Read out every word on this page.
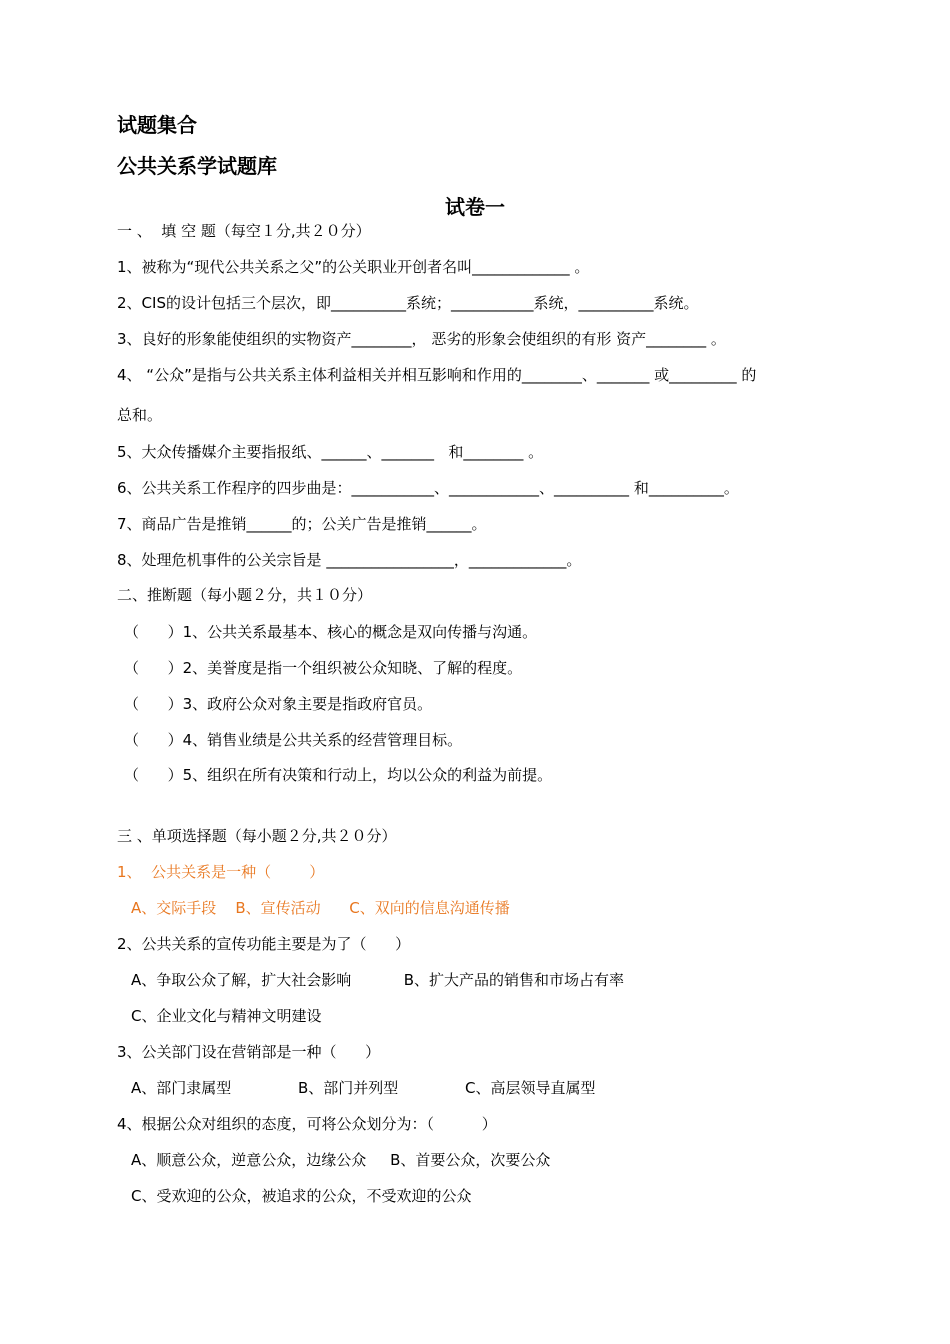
试题集合
公共关系学试题库
试卷一
一 、  填 空 题（每空１分,共２０分）
1、被称为“现代公共关系之父”的公关职业开创者名叫_____________ 。
2、CIS的设计包括三个层次，即__________系统；___________系统，__________系统。
3、良好的形象能使组织的实物资产________， 恶劣的形象会使组织的有形 资产________ 。
4、 “公众”是指与公共关系主体利益相关并相互影响和作用的________、_______ 或_________ 的
总和。
5、大众传播媒介主要指报纸、______、_______   和________ 。
6、公共关系工作程序的四步曲是：___________、____________、__________ 和__________。
7、商品广告是推销______的；公关广告是推销______。
8、处理危机事件的公关宗旨是 _________________，_____________。
二、推断题（每小题２分，共１０分）
（      ）1、公共关系最基本、核心的概念是双向传播与沟通。
（      ）2、美誉度是指一个组织被公众知晓、了解的程度。
（      ）3、政府公众对象主要是指政府官员。
（      ）4、销售业绩是公共关系的经营管理目标。
（      ）5、组织在所有决策和行动上，均以公众的利益为前提。
三 、单项选择题（每小题２分,共２０分）
1、  公共关系是一种（        ）
A、交际手段    B、宣传活动      C、双向的信息沟通传播
2、公共关系的宣传功能主要是为了（      ）
A、争取公众了解，扩大社会影响           B、扩大产品的销售和市场占有率
C、企业文化与精神文明建设
3、公关部门设在营销部是一种（      ）
A、部门隶属型              B、部门并列型              C、高层领导直属型
4、根据公众对组织的态度，可将公众划分为：（          ）
A、顺意公众，逆意公众，边缘公众     B、首要公众，次要公众
C、受欢迎的公众，被追求的公众，不受欢迎的公众
